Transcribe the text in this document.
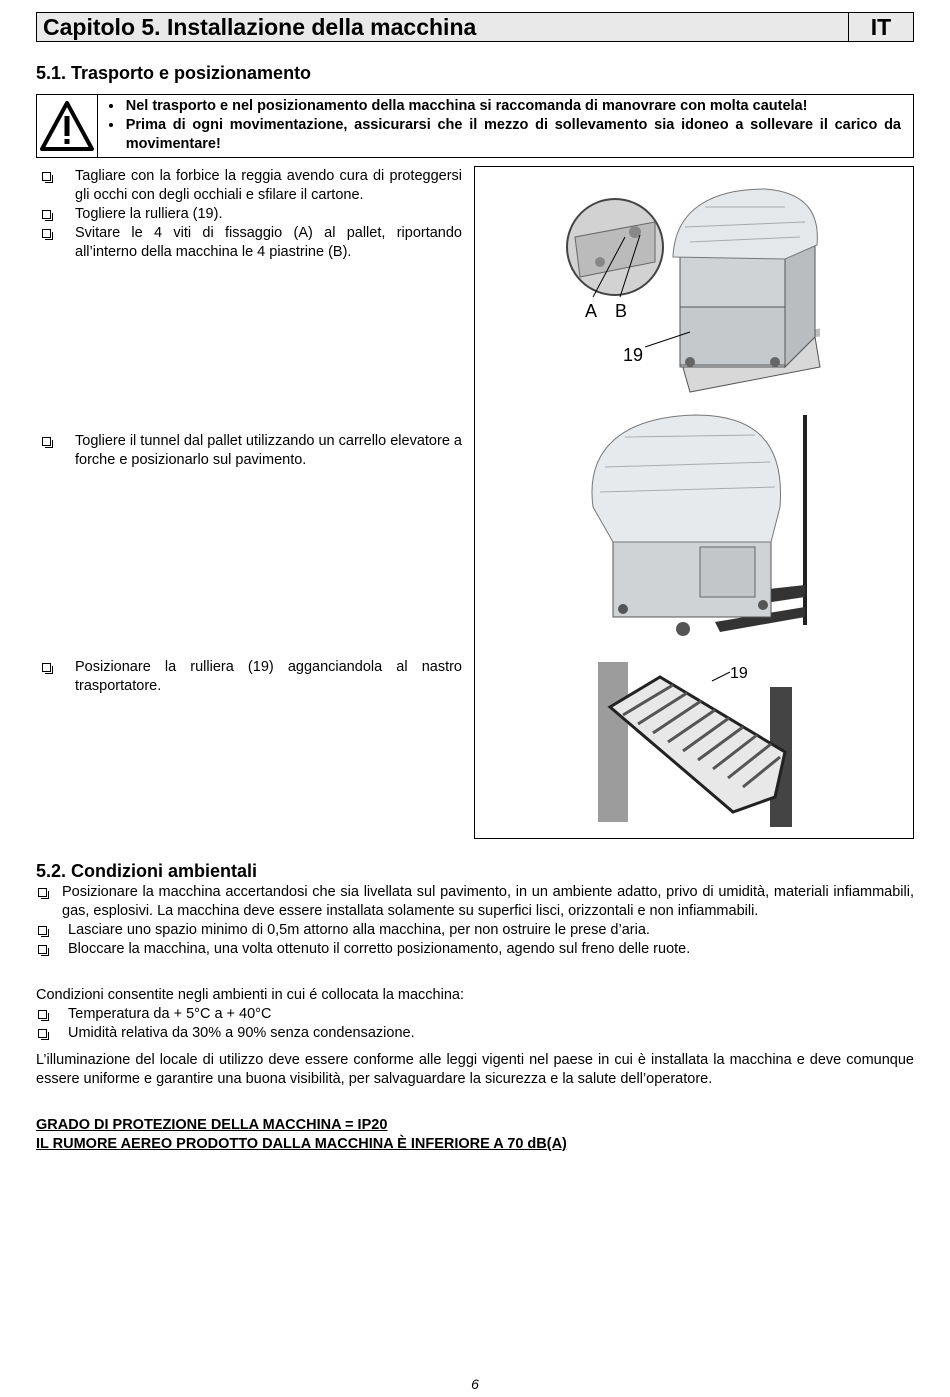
Capitolo 5. Installazione della macchina	IT
5.1. Trasporto e posizionamento
• Nel trasporto e nel posizionamento della macchina si raccomanda di manovrare con molta cautela!
• Prima di ogni movimentazione, assicurarsi che il mezzo di sollevamento sia idoneo a sollevare il carico da movimentare!
Tagliare con la forbice la reggia avendo cura di proteggersi gli occhi con degli occhiali e sfilare il cartone.
Togliere la rulliera (19).
Svitare le 4 viti di fissaggio (A) al pallet, riportando all’interno della macchina le 4 piastrine (B).
Togliere il tunnel dal pallet utilizzando un carrello elevatore a forche e posizionarlo sul pavimento.
Posizionare la rulliera (19) agganciandola al nastro trasportatore.
A B
19
19
5.2. Condizioni ambientali
Posizionare la macchina accertandosi che sia livellata sul pavimento, in un ambiente adatto, privo di umidità, materiali infiammabili, gas, esplosivi. La macchina deve essere installata solamente su superfici lisci, orizzontali e non infiammabili.
Lasciare uno spazio minimo di 0,5m attorno alla macchina, per non ostruire le prese d’aria.
Bloccare la macchina, una volta ottenuto il corretto posizionamento, agendo sul freno delle ruote.

Condizioni consentite negli ambienti in cui é collocata la macchina:

Temperatura da + 5°C a + 40°C
Umidità relativa da 30% a 90% senza condensazione.

L’illuminazione del locale di utilizzo deve essere conforme alle leggi vigenti nel paese in cui è installata la macchina e deve comunque essere uniforme e garantire una buona visibilità, per salvaguardare la sicurezza e la salute dell’operatore.

GRADO DI PROTEZIONE DELLA MACCHINA = IP20
IL RUMORE AEREO PRODOTTO DALLA MACCHINA È INFERIORE A 70 dB(A)
6
